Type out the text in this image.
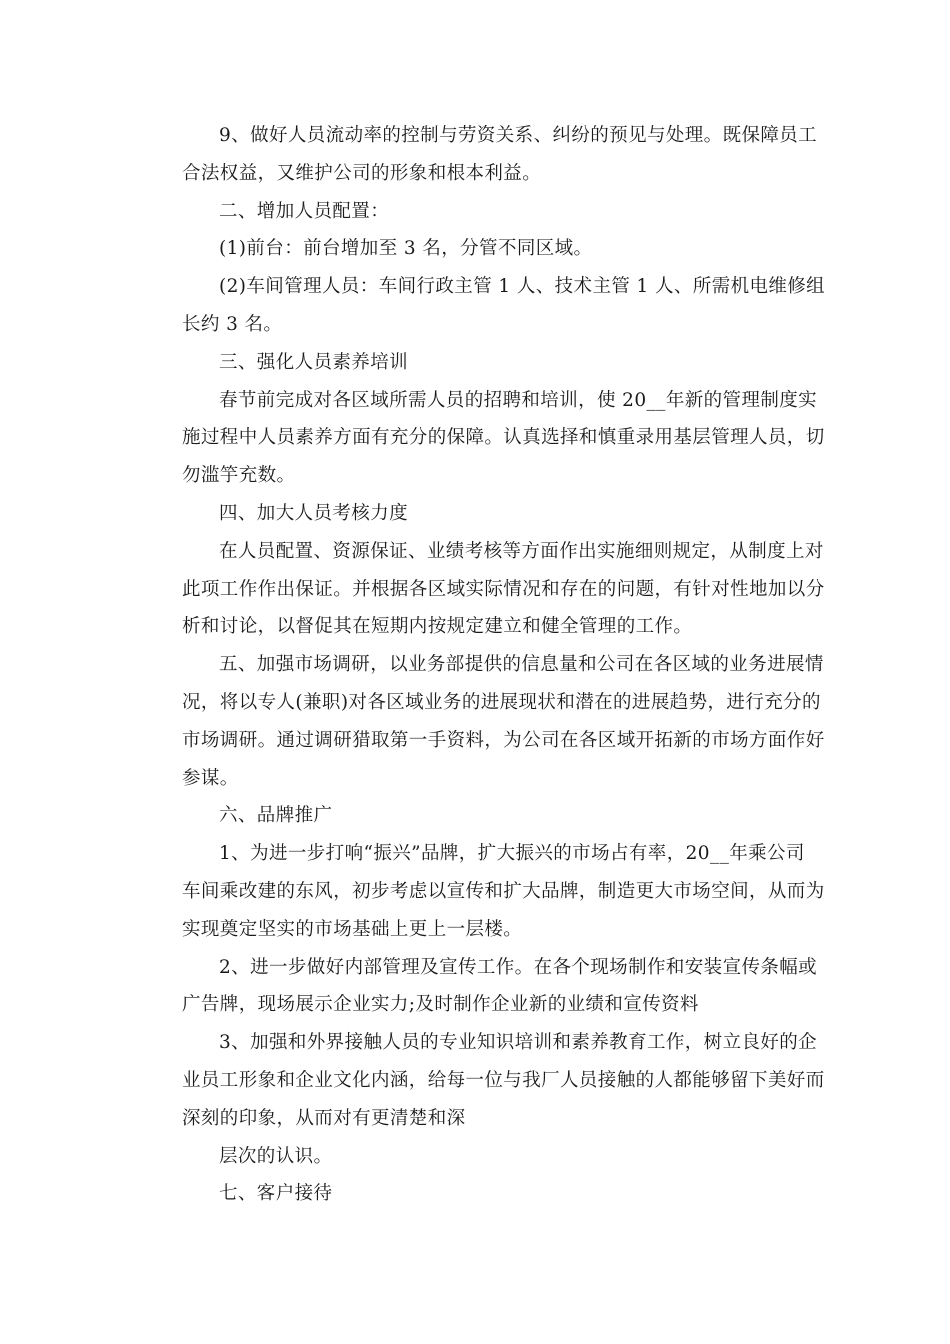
9、做好人员流动率的控制与劳资关系、纠纷的预见与处理。既保障员工
合法权益，又维护公司的形象和根本利益。
二、增加人员配置：
(1)前台：前台增加至 3 名，分管不同区域。
(2)车间管理人员：车间行政主管 1 人、技术主管 1 人、所需机电维修组
长约 3 名。
三、强化人员素养培训
春节前完成对各区域所需人员的招聘和培训，使 20__年新的管理制度实
施过程中人员素养方面有充分的保障。认真选择和慎重录用基层管理人员，切
勿滥竽充数。
四、加大人员考核力度
在人员配置、资源保证、业绩考核等方面作出实施细则规定，从制度上对
此项工作作出保证。并根据各区域实际情况和存在的问题，有针对性地加以分
析和讨论，以督促其在短期内按规定建立和健全管理的工作。
五、加强市场调研，以业务部提供的信息量和公司在各区域的业务进展情
况，将以专人(兼职)对各区域业务的进展现状和潜在的进展趋势，进行充分的
市场调研。通过调研猎取第一手资料，为公司在各区域开拓新的市场方面作好
参谋。
六、品牌推广
1、为进一步打响“振兴”品牌，扩大振兴的市场占有率，20__年乘公司
车间乘改建的东风，初步考虑以宣传和扩大品牌，制造更大市场空间，从而为
实现奠定坚实的市场基础上更上一层楼。
2、进一步做好内部管理及宣传工作。在各个现场制作和安装宣传条幅或
广告牌，现场展示企业实力;及时制作企业新的业绩和宣传资料
3、加强和外界接触人员的专业知识培训和素养教育工作，树立良好的企
业员工形象和企业文化内涵，给每一位与我厂人员接触的人都能够留下美好而
深刻的印象，从而对有更清楚和深
层次的认识。
七、客户接待
